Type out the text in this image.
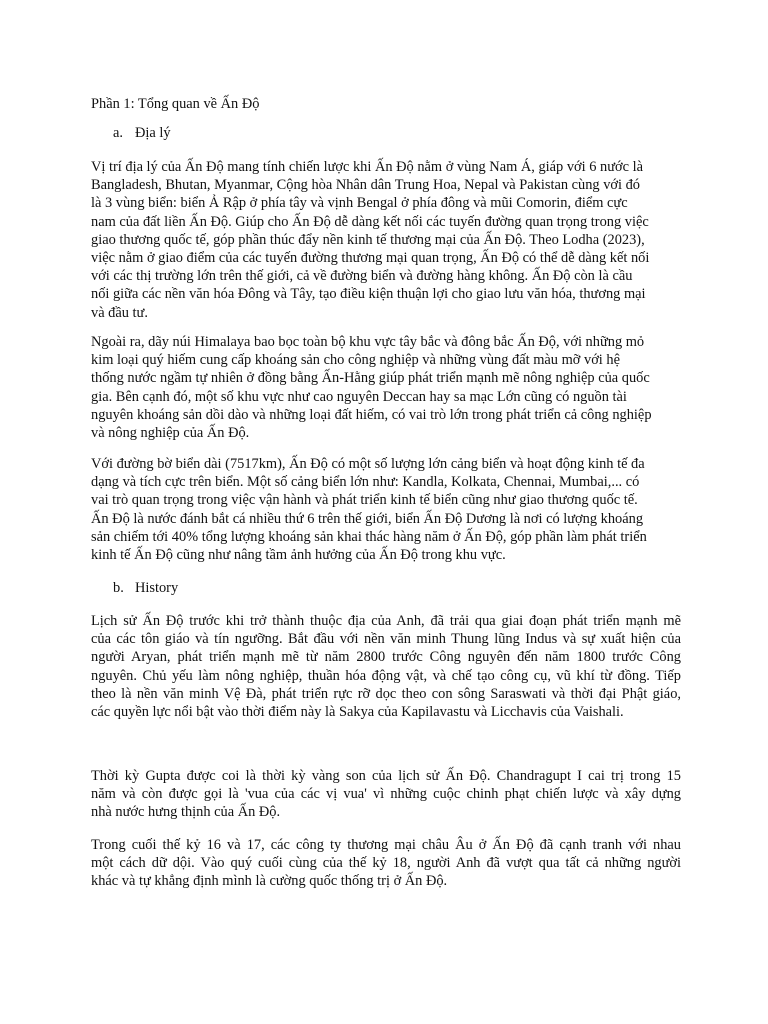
Phần 1: Tổng quan về Ấn Độ

a. Địa lý

Vị trí địa lý của Ấn Độ mang tính chiến lược khi Ấn Độ nằm ở vùng Nam Á, giáp với 6 nước là
Bangladesh, Bhutan, Myanmar, Cộng hòa Nhân dân Trung Hoa, Nepal và Pakistan cùng với đó
là 3 vùng biển: biển Ả Rập ở phía tây và vịnh Bengal ở phía đông và mũi Comorin, điểm cực
nam của đất liền Ấn Độ. Giúp cho Ấn Độ dễ dàng kết nối các tuyến đường quan trọng trong việc
giao thương quốc tế, góp phần thúc đẩy nền kinh tế thương mại của Ấn Độ. Theo Lodha (2023),
việc nằm ở giao điểm của các tuyến đường thương mại quan trọng, Ấn Độ có thể dễ dàng kết nối
với các thị trường lớn trên thế giới, cả về đường biển và đường hàng không. Ấn Độ còn là cầu
nối giữa các nền văn hóa Đông và Tây, tạo điều kiện thuận lợi cho giao lưu văn hóa, thương mại
và đầu tư.
Ngoài ra, dãy núi Himalaya bao bọc toàn bộ khu vực tây bắc và đông bắc Ấn Độ, với những mỏ
kim loại quý hiếm cung cấp khoáng sản cho công nghiệp và những vùng đất màu mỡ với hệ
thống nước ngầm tự nhiên ở đồng bằng Ấn-Hằng giúp phát triển mạnh mẽ nông nghiệp của quốc
gia. Bên cạnh đó, một số khu vực như cao nguyên Deccan hay sa mạc Lớn cũng có nguồn tài
nguyên khoáng sản dồi dào và những loại đất hiếm, có vai trò lớn trong phát triển cả công nghiệp
và nông nghiệp của Ấn Độ.
Với đường bờ biển dài (7517km), Ấn Độ có một số lượng lớn cảng biển và hoạt động kinh tế đa
dạng và tích cực trên biển. Một số cảng biển lớn như: Kandla, Kolkata, Chennai, Mumbai,... có
vai trò quan trọng trong việc vận hành và phát triển kinh tế biển cũng như giao thương quốc tế.
Ấn Độ là nước đánh bắt cá nhiều thứ 6 trên thế giới, biển Ấn Độ Dương là nơi có lượng khoáng
sản chiếm tới 40% tổng lượng khoáng sản khai thác hàng năm ở Ấn Độ, góp phần làm phát triển
kinh tế Ấn Độ cũng như nâng tầm ảnh hưởng của Ấn Độ trong khu vực.

b. History

Lịch sử Ấn Độ trước khi trở thành thuộc địa của Anh, đã trải qua giai đoạn phát triển mạnh mẽ
của các tôn giáo và tín ngưỡng. Bắt đầu với nền văn minh Thung lũng Indus và sự xuất hiện của
người Aryan, phát triển mạnh mẽ từ năm 2800 trước Công nguyên đến năm 1800 trước Công
nguyên. Chủ yếu làm nông nghiệp, thuần hóa động vật, và chế tạo công cụ, vũ khí từ đồng. Tiếp
theo là nền văn minh Vệ Đà, phát triển rực rỡ dọc theo con sông Saraswati và thời đại Phật giáo,
các quyền lực nổi bật vào thời điểm này là Sakya của Kapilavastu và Licchavis của Vaishali.
Thời kỳ Gupta được coi là thời kỳ vàng son của lịch sử Ấn Độ. Chandragupt I cai trị trong 15
năm và còn được gọi là 'vua của các vị vua' vì những cuộc chinh phạt chiến lược và xây dựng
nhà nước hưng thịnh của Ấn Độ.
Trong cuối thế kỷ 16 và 17, các công ty thương mại châu Âu ở Ấn Độ đã cạnh tranh với nhau
một cách dữ dội. Vào quý cuối cùng của thế kỷ 18, người Anh đã vượt qua tất cả những người
khác và tự khẳng định mình là cường quốc thống trị ở Ấn Độ.
